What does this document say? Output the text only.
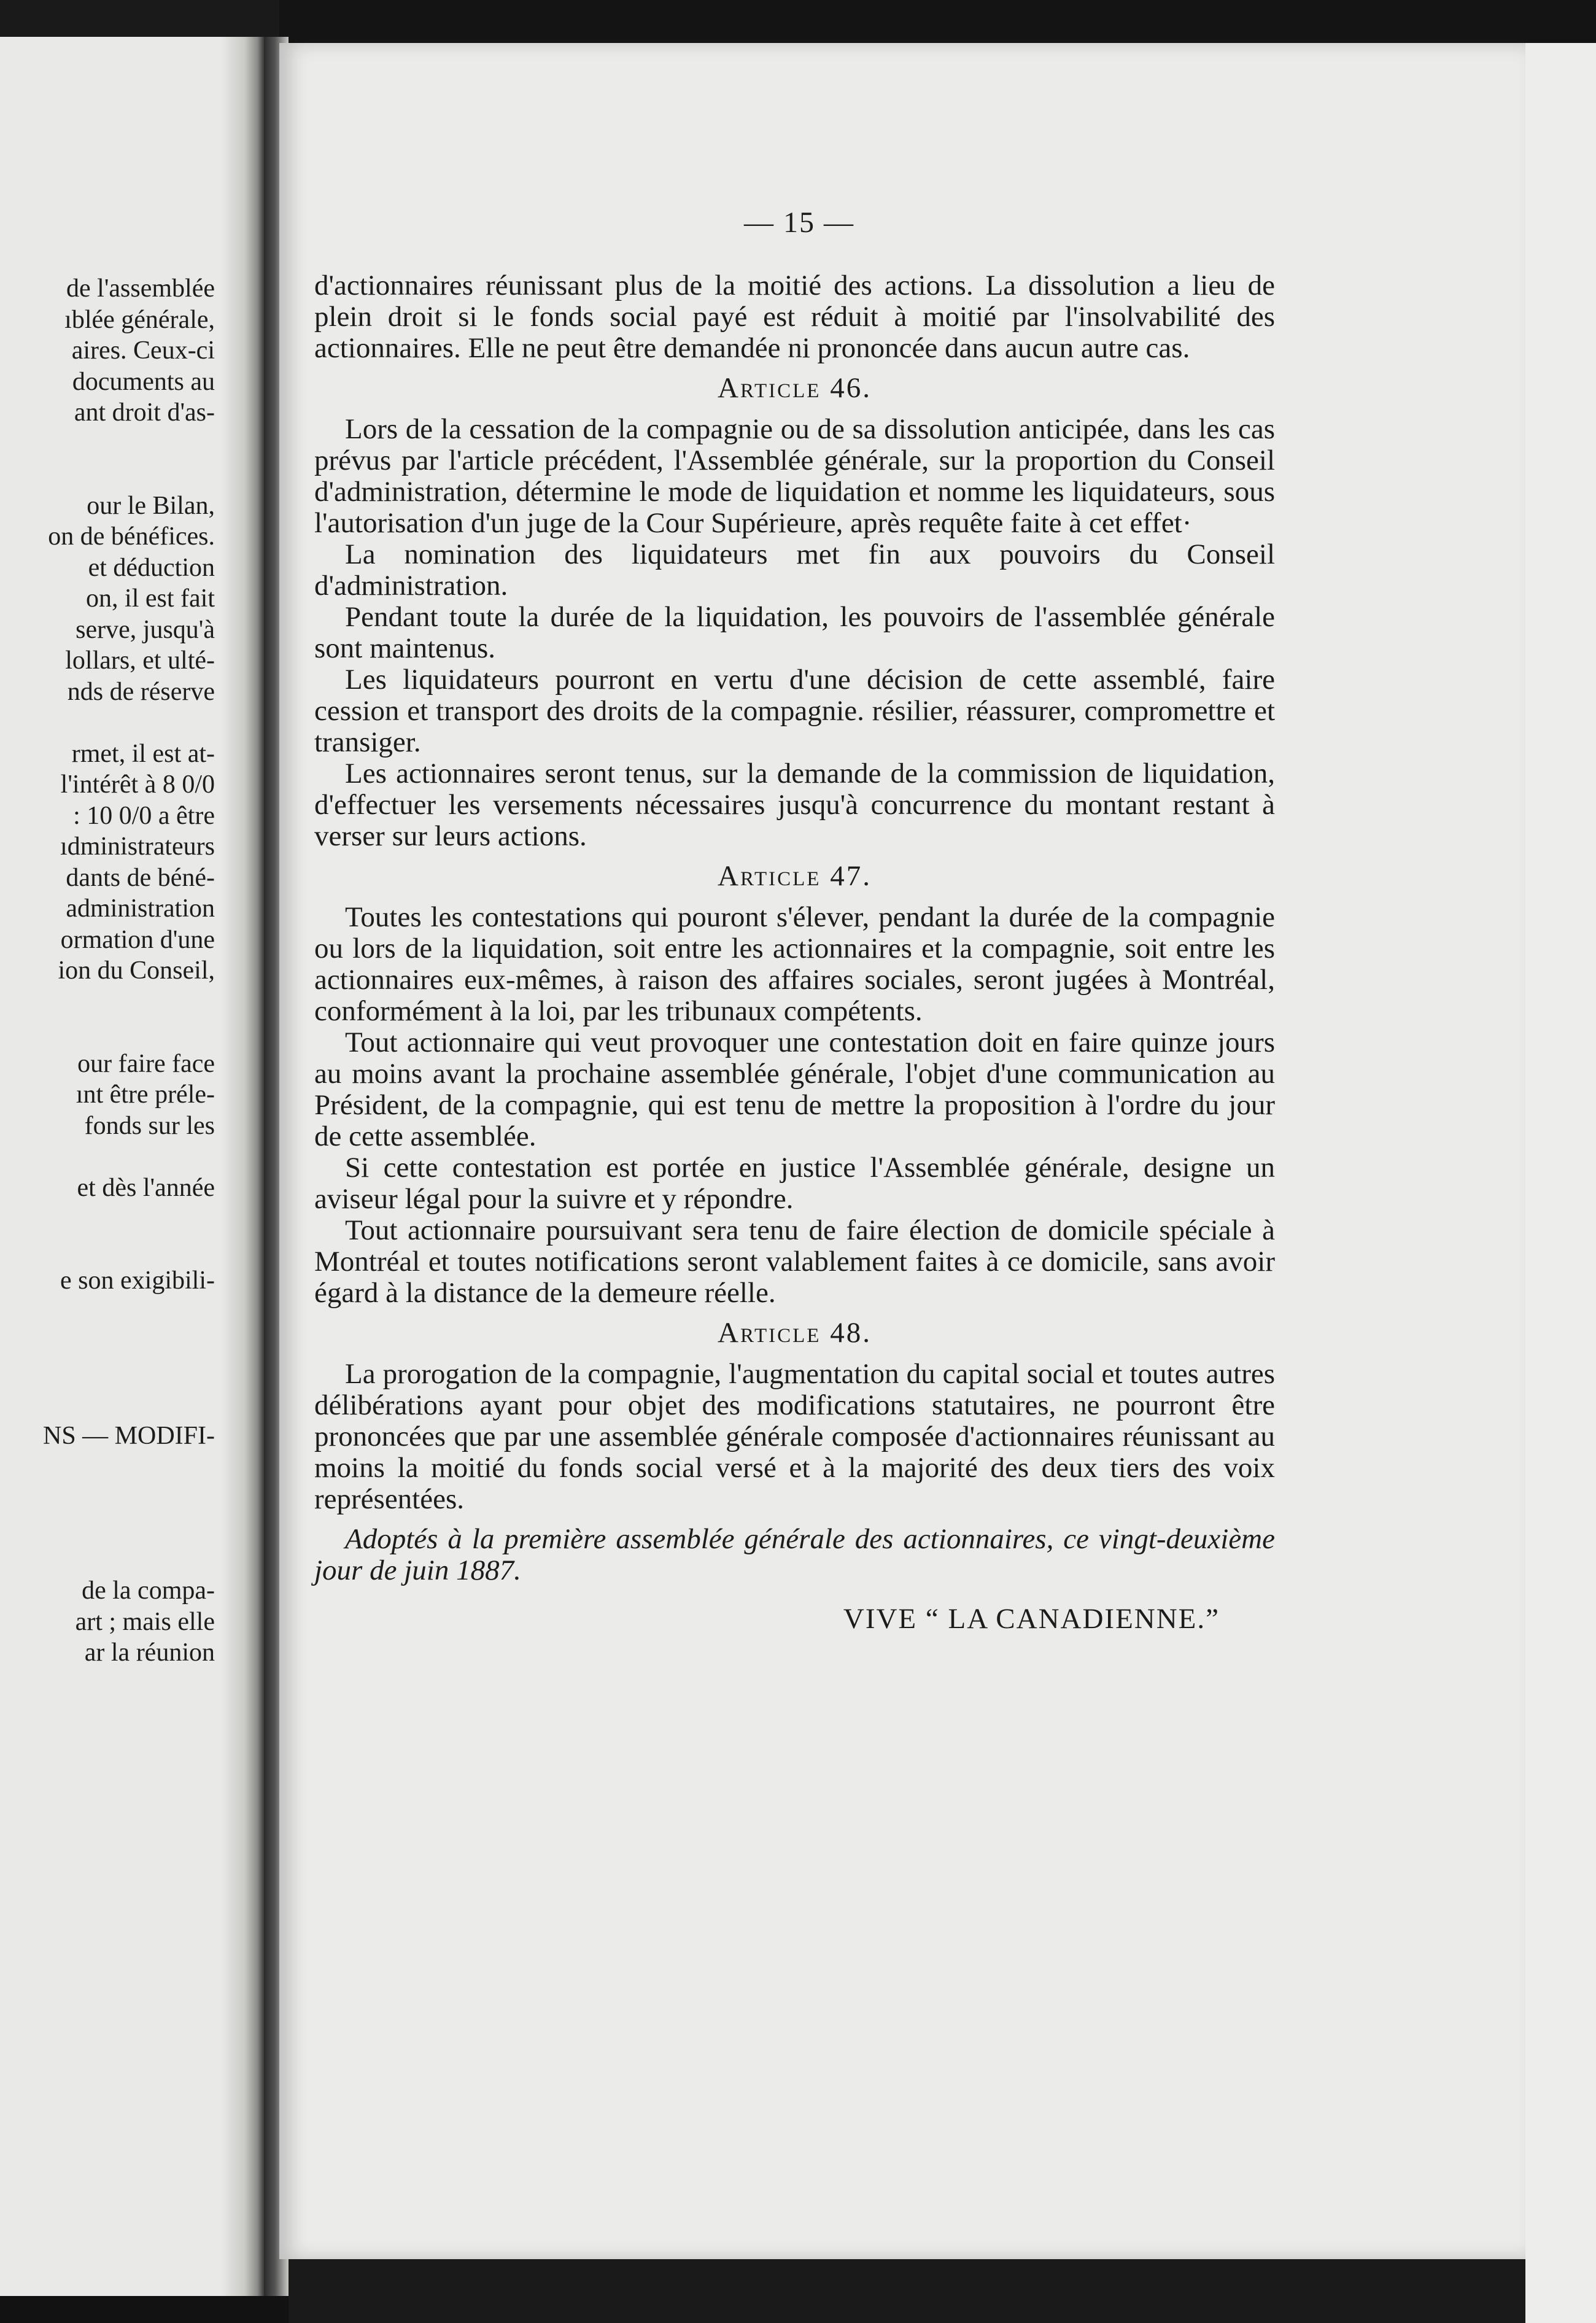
de l'assemblée
ıblée générale,
aires. Ceux-ci
documents au
ant droit d'as-
our le Bilan,
on de bénéfices.
et déduction
on, il est fait
serve, jusqu'à
lollars, et ulté-
nds de réserve
rmet, il est at-
l'intérêt à 8 0/0
: 10 0/0 a être
ıdministrateurs
dants de béné-
administration
ormation d'une
ion du Conseil,
our faire face
ınt être préle-
fonds sur les
et dès l'année
e son exigibili-
NS — MODIFI-
de la compa-
art ; mais elle
ar la réunion
— 15 —

d'actionnaires réunissant plus de la moitié des actions. La dissolution a lieu de plein droit si le fonds social payé est réduit à moitié par l'insolvabilité des actionnaires. Elle ne peut être demandée ni prononcée dans aucun autre cas.

Article 46.

Lors de la cessation de la compagnie ou de sa dissolution anticipée, dans les cas prévus par l'article précédent, l'Assemblée générale, sur la proportion du Conseil d'administration, détermine le mode de liquidation et nomme les liquidateurs, sous l'autorisation d'un juge de la Cour Supérieure, après requête faite à cet effet·

La nomination des liquidateurs met fin aux pouvoirs du Conseil d'administration.

Pendant toute la durée de la liquidation, les pouvoirs de l'assemblée générale sont maintenus.

Les liquidateurs pourront en vertu d'une décision de cette assemblé, faire cession et transport des droits de la compagnie. résilier, réassurer, compromettre et transiger.

Les actionnaires seront tenus, sur la demande de la commission de liquidation, d'effectuer les versements nécessaires jusqu'à concurrence du montant restant à verser sur leurs actions.

Article 47.

Toutes les contestations qui pouront s'élever, pendant la durée de la compagnie ou lors de la liquidation, soit entre les actionnaires et la compagnie, soit entre les actionnaires eux-mêmes, à raison des affaires sociales, seront jugées à Montréal, conformément à la loi, par les tribunaux compétents.

Tout actionnaire qui veut provoquer une contestation doit en faire quinze jours au moins avant la prochaine assemblée générale, l'objet d'une communication au Président, de la compagnie, qui est tenu de mettre la proposition à l'ordre du jour de cette assemblée.

Si cette contestation est portée en justice l'Assemblée générale, designe un aviseur légal pour la suivre et y répondre.

Tout actionnaire poursuivant sera tenu de faire élection de domicile spéciale à Montréal et toutes notifications seront valablement faites à ce domicile, sans avoir égard à la distance de la demeure réelle.

Article 48.

La prorogation de la compagnie, l'augmentation du capital social et toutes autres délibérations ayant pour objet des modifications statutaires, ne pourront être prononcées que par une assemblée générale composée d'actionnaires réunissant au moins la moitié du fonds social versé et à la majorité des deux tiers des voix représentées.

Adoptés à la première assemblée générale des actionnaires, ce vingt-deuxième jour de juin 1887.

VIVE “ LA CANADIENNE.”
